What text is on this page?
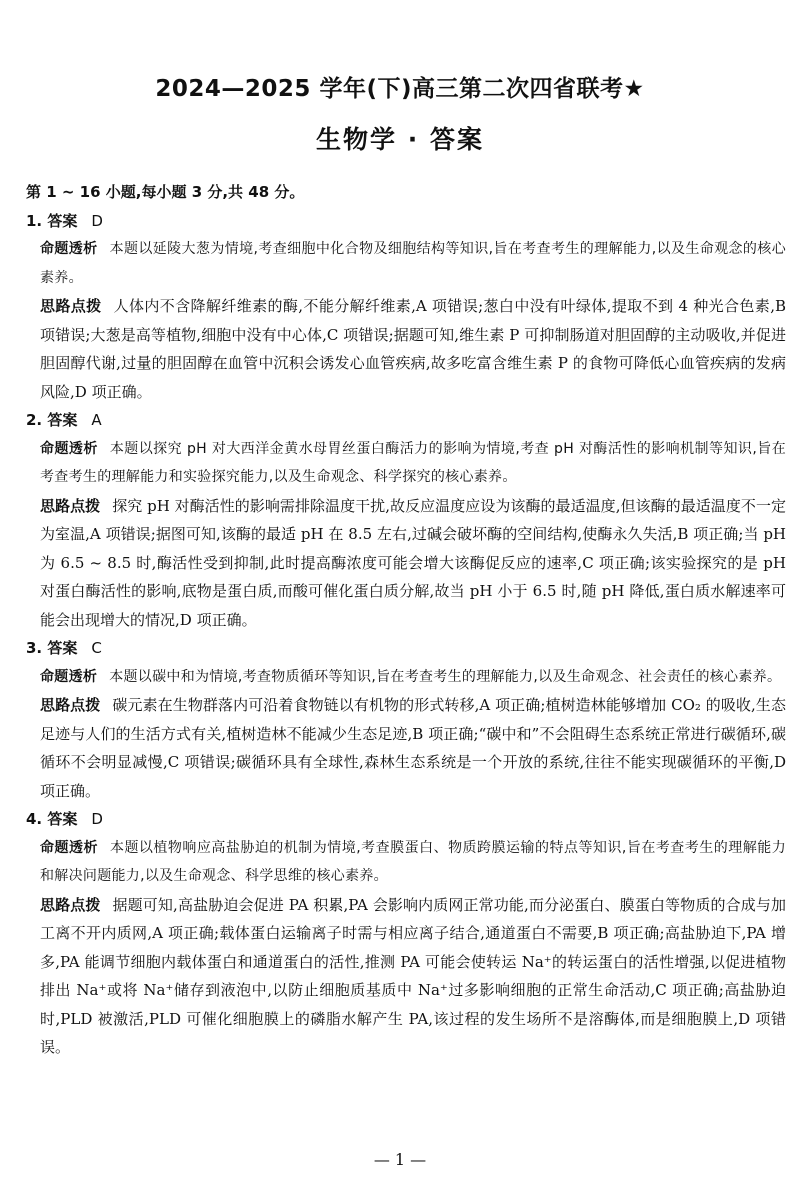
2024—2025 学年(下)高三第二次四省联考★
生物学 · 答案
第 1 ~ 16 小题,每小题 3 分,共 48 分。
1. 答案 D
命题透析 本题以延陵大葱为情境,考查细胞中化合物及细胞结构等知识,旨在考查考生的理解能力,以及生命观念的核心素养。
思路点拨 人体内不含降解纤维素的酶,不能分解纤维素,A 项错误;葱白中没有叶绿体,提取不到 4 种光合色素,B 项错误;大葱是高等植物,细胞中没有中心体,C 项错误;据题可知,维生素 P 可抑制肠道对胆固醇的主动吸收,并促进胆固醇代谢,过量的胆固醇在血管中沉积会诱发心血管疾病,故多吃富含维生素 P 的食物可降低心血管疾病的发病风险,D 项正确。
2. 答案 A
命题透析 本题以探究 pH 对大西洋金黄水母胃丝蛋白酶活力的影响为情境,考查 pH 对酶活性的影响机制等知识,旨在考查考生的理解能力和实验探究能力,以及生命观念、科学探究的核心素养。
思路点拨 探究 pH 对酶活性的影响需排除温度干扰,故反应温度应设为该酶的最适温度,但该酶的最适温度不一定为室温,A 项错误;据图可知,该酶的最适 pH 在 8.5 左右,过碱会破坏酶的空间结构,使酶永久失活,B 项正确;当 pH 为 6.5 ~ 8.5 时,酶活性受到抑制,此时提高酶浓度可能会增大该酶促反应的速率,C 项正确;该实验探究的是 pH 对蛋白酶活性的影响,底物是蛋白质,而酸可催化蛋白质分解,故当 pH 小于 6.5 时,随 pH 降低,蛋白质水解速率可能会出现增大的情况,D 项正确。
3. 答案 C
命题透析 本题以碳中和为情境,考查物质循环等知识,旨在考查考生的理解能力,以及生命观念、社会责任的核心素养。
思路点拨 碳元素在生物群落内可沿着食物链以有机物的形式转移,A 项正确;植树造林能够增加 CO₂ 的吸收,生态足迹与人们的生活方式有关,植树造林不能减少生态足迹,B 项正确;“碳中和”不会阻碍生态系统正常进行碳循环,碳循环不会明显减慢,C 项错误;碳循环具有全球性,森林生态系统是一个开放的系统,往往不能实现碳循环的平衡,D 项正确。
4. 答案 D
命题透析 本题以植物响应高盐胁迫的机制为情境,考查膜蛋白、物质跨膜运输的特点等知识,旨在考查考生的理解能力和解决问题能力,以及生命观念、科学思维的核心素养。
思路点拨 据题可知,高盐胁迫会促进 PA 积累,PA 会影响内质网正常功能,而分泌蛋白、膜蛋白等物质的合成与加工离不开内质网,A 项正确;载体蛋白运输离子时需与相应离子结合,通道蛋白不需要,B 项正确;高盐胁迫下,PA 增多,PA 能调节细胞内载体蛋白和通道蛋白的活性,推测 PA 可能会使转运 Na⁺的转运蛋白的活性增强,以促进植物排出 Na⁺或将 Na⁺储存到液泡中,以防止细胞质基质中 Na⁺过多影响细胞的正常生命活动,C 项正确;高盐胁迫时,PLD 被激活,PLD 可催化细胞膜上的磷脂水解产生 PA,该过程的发生场所不是溶酶体,而是细胞膜上,D 项错误。
— 1 —
